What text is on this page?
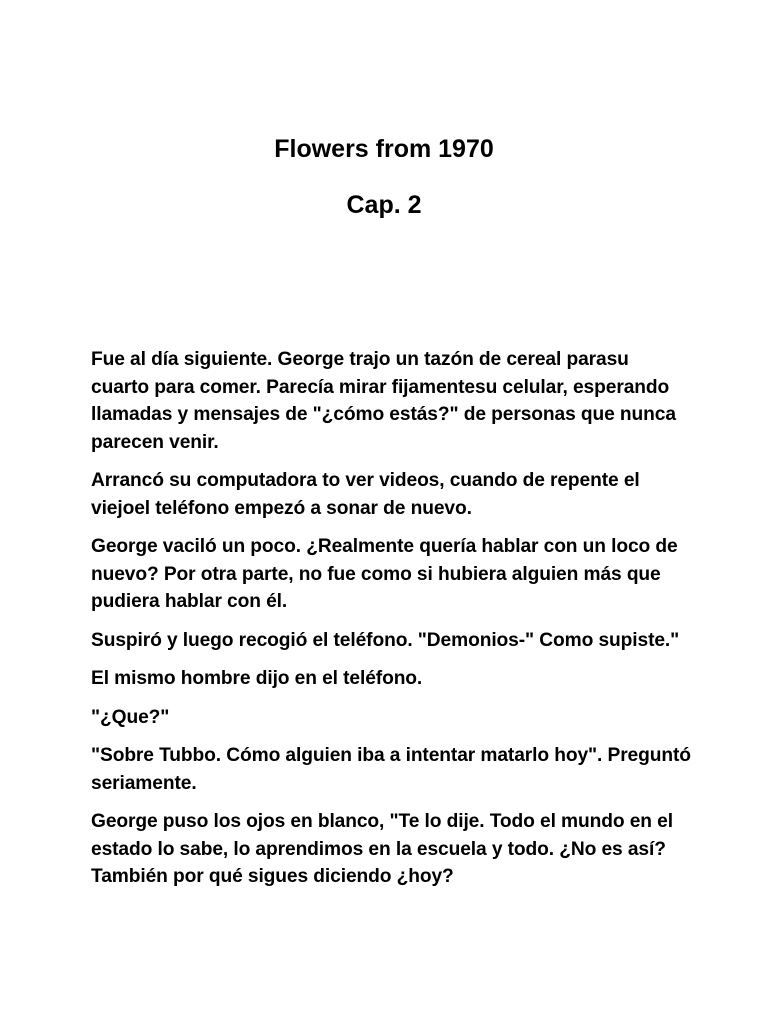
Flowers from 1970
Cap. 2

Fue al día siguiente. George trajo un tazón de cereal parasu cuarto para comer. Parecía mirar fijamentesu celular, esperando llamadas y mensajes de "¿cómo estás?" de personas que nunca parecen venir.

Arrancó su computadora to ver videos, cuando de repente el viejoel teléfono empezó a sonar de nuevo.

George vaciló un poco. ¿Realmente quería hablar con un loco de nuevo? Por otra parte, no fue como si hubiera alguien más que pudiera hablar con él.

Suspiró y luego recogió el teléfono. "Demonios-" Como supiste."

El mismo hombre dijo en el teléfono.

"¿Que?"

"Sobre Tubbo. Cómo alguien iba a intentar matarlo hoy". Preguntó seriamente.

George puso los ojos en blanco, "Te lo dije. Todo el mundo en el estado lo sabe, lo aprendimos en la escuela y todo. ¿No es así? También por qué sigues diciendo ¿hoy?
